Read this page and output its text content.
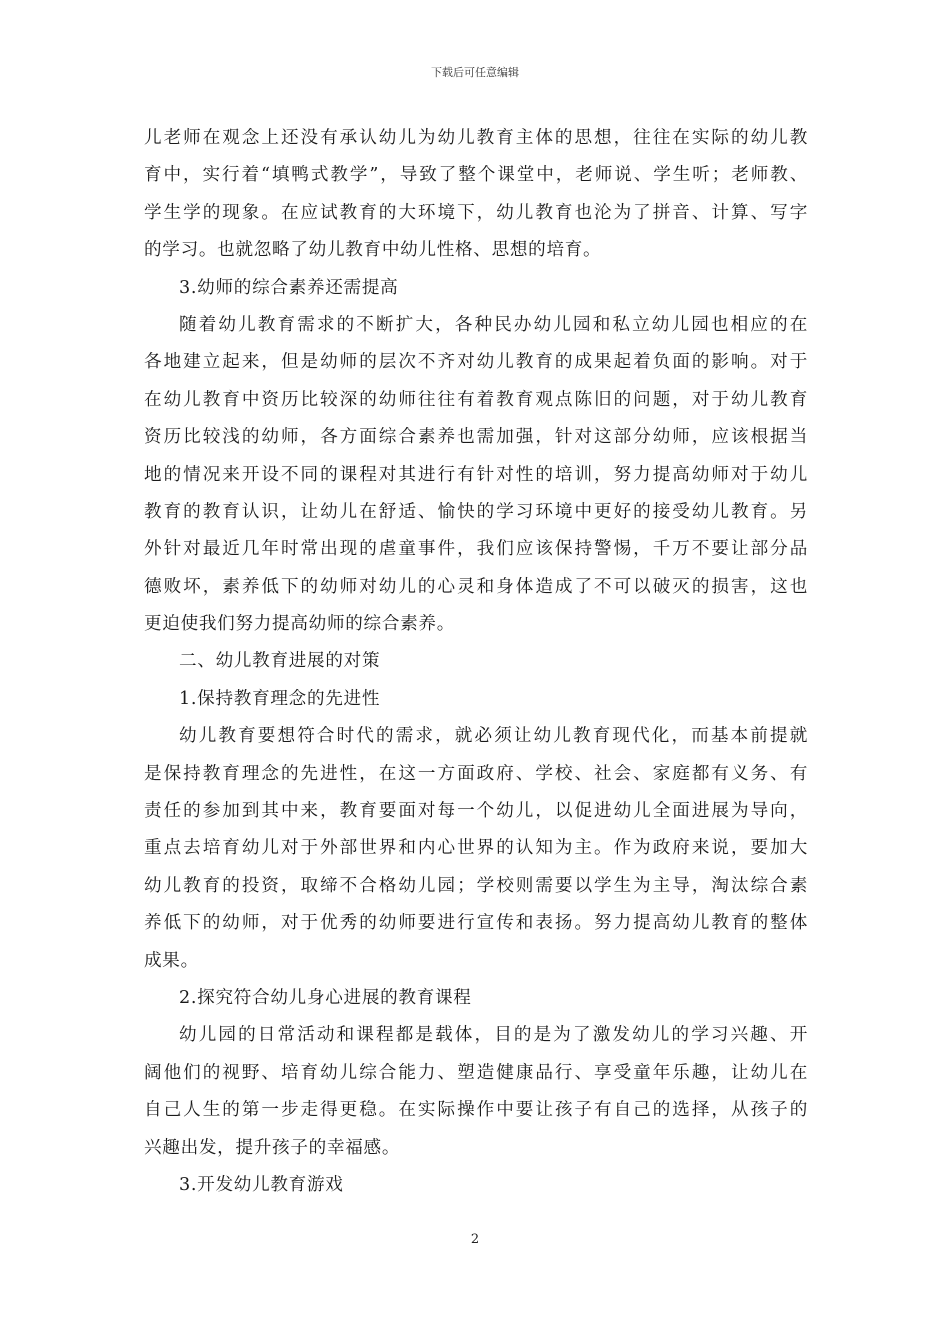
下载后可任意编辑
儿老师在观念上还没有承认幼儿为幼儿教育主体的思想，往往在实际的幼儿教
育中，实行着“填鸭式教学”，导致了整个课堂中，老师说、学生听；老师教、
学生学的现象。在应试教育的大环境下，幼儿教育也沦为了拼音、计算、写字
的学习。也就忽略了幼儿教育中幼儿性格、思想的培育。
3.幼师的综合素养还需提高
随着幼儿教育需求的不断扩大，各种民办幼儿园和私立幼儿园也相应的在
各地建立起来，但是幼师的层次不齐对幼儿教育的成果起着负面的影响。对于
在幼儿教育中资历比较深的幼师往往有着教育观点陈旧的问题，对于幼儿教育
资历比较浅的幼师，各方面综合素养也需加强，针对这部分幼师，应该根据当
地的情况来开设不同的课程对其进行有针对性的培训，努力提高幼师对于幼儿
教育的教育认识，让幼儿在舒适、愉快的学习环境中更好的接受幼儿教育。另
外针对最近几年时常出现的虐童事件，我们应该保持警惕，千万不要让部分品
德败坏，素养低下的幼师对幼儿的心灵和身体造成了不可以破灭的损害，这也
更迫使我们努力提高幼师的综合素养。
二、幼儿教育进展的对策
1.保持教育理念的先进性
幼儿教育要想符合时代的需求，就必须让幼儿教育现代化，而基本前提就
是保持教育理念的先进性，在这一方面政府、学校、社会、家庭都有义务、有
责任的参加到其中来，教育要面对每一个幼儿，以促进幼儿全面进展为导向，
重点去培育幼儿对于外部世界和内心世界的认知为主。作为政府来说，要加大
幼儿教育的投资，取缔不合格幼儿园；学校则需要以学生为主导，淘汰综合素
养低下的幼师，对于优秀的幼师要进行宣传和表扬。努力提高幼儿教育的整体
成果。
2.探究符合幼儿身心进展的教育课程
幼儿园的日常活动和课程都是载体，目的是为了激发幼儿的学习兴趣、开
阔他们的视野、培育幼儿综合能力、塑造健康品行、享受童年乐趣，让幼儿在
自己人生的第一步走得更稳。在实际操作中要让孩子有自己的选择，从孩子的
兴趣出发，提升孩子的幸福感。
3.开发幼儿教育游戏
2
